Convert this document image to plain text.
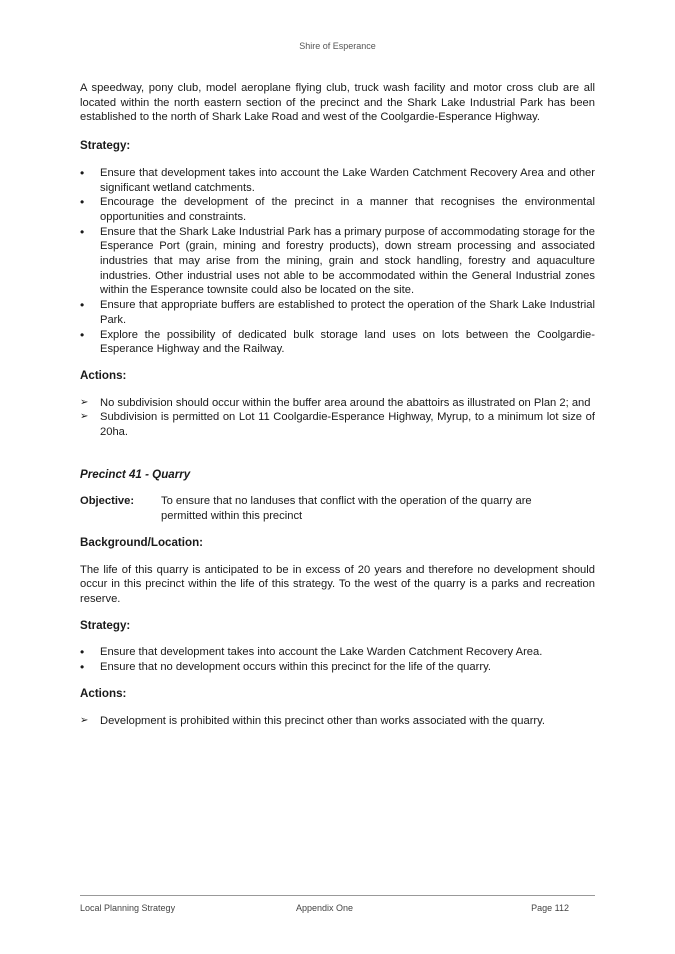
Shire of Esperance

A speedway, pony club, model aeroplane flying club, truck wash facility and motor cross club are all located within the north eastern section of the precinct and the Shark Lake Industrial Park has been established to the north of Shark Lake Road and west of the Coolgardie-Esperance Highway.

Strategy:
•	Ensure that development takes into account the Lake Warden Catchment Recovery Area and other significant wetland catchments.
•	Encourage the development of the precinct in a manner that recognises the environmental opportunities and constraints.
•	Ensure that the Shark Lake Industrial Park has a primary purpose of accommodating storage for the Esperance Port (grain, mining and forestry products), down stream processing and associated industries that may arise from the mining, grain and stock handling, forestry and aquaculture industries. Other industrial uses not able to be accommodated within the General Industrial zones within the Esperance townsite could also be located on the site.
•	Ensure that appropriate buffers are established to protect the operation of the Shark Lake Industrial Park.
•	Explore the possibility of dedicated bulk storage land uses on lots between the Coolgardie-Esperance Highway and the Railway.
Actions:
➢	No subdivision should occur within the buffer area around the abattoirs as illustrated on Plan 2; and
➢	Subdivision is permitted on Lot 11 Coolgardie-Esperance Highway, Myrup, to a minimum lot size of 20ha.
Precinct 41 - Quarry
Objective:	To ensure that no landuses that conflict with the operation of the quarry are permitted within this precinct
Background/Location:

The life of this quarry is anticipated to be in excess of 20 years and therefore no development should occur in this precinct within the life of this strategy. To the west of the quarry is a parks and recreation reserve.

Strategy:
•	Ensure that development takes into account the Lake Warden Catchment Recovery Area.
•	Ensure that no development occurs within this precinct for the life of the quarry.
Actions:
➢	Development is prohibited within this precinct other than works associated with the quarry.
Local Planning Strategy	Appendix One	Page 112
